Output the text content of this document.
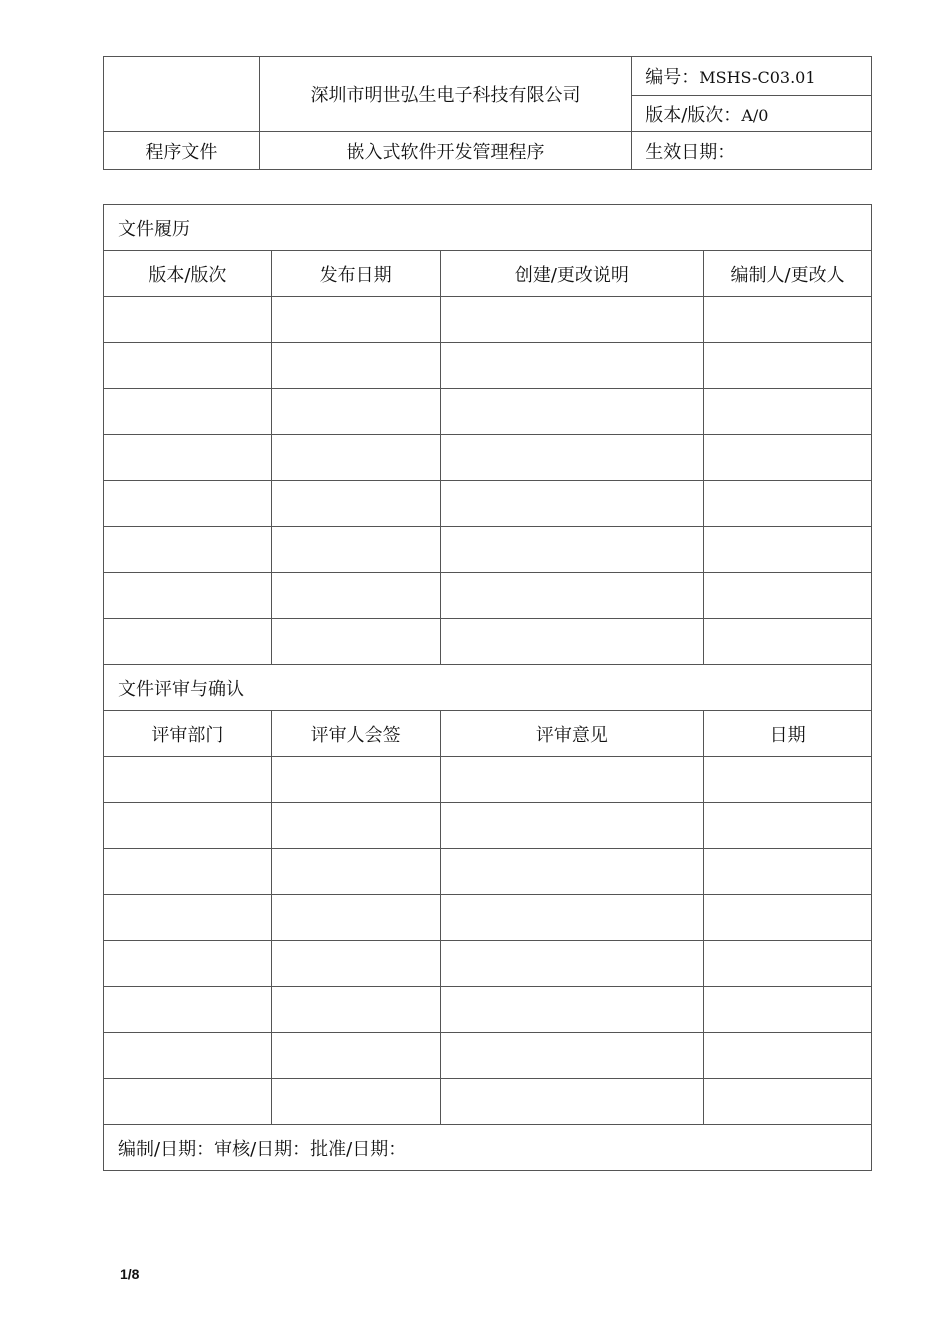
	深圳市明世弘生电子科技有限公司	编号：MSHS-C03.01
		版本/版次：A/0
程序文件	嵌入式软件开发管理程序	生效日期：
文件履历			
版本/版次	发布日期	创建/更改说明	编制人/更改人

文件评审与确认			
评审部门	评审人会签	评审意见	日期

编制/日期：审核/日期：批准/日期：			
1/8
